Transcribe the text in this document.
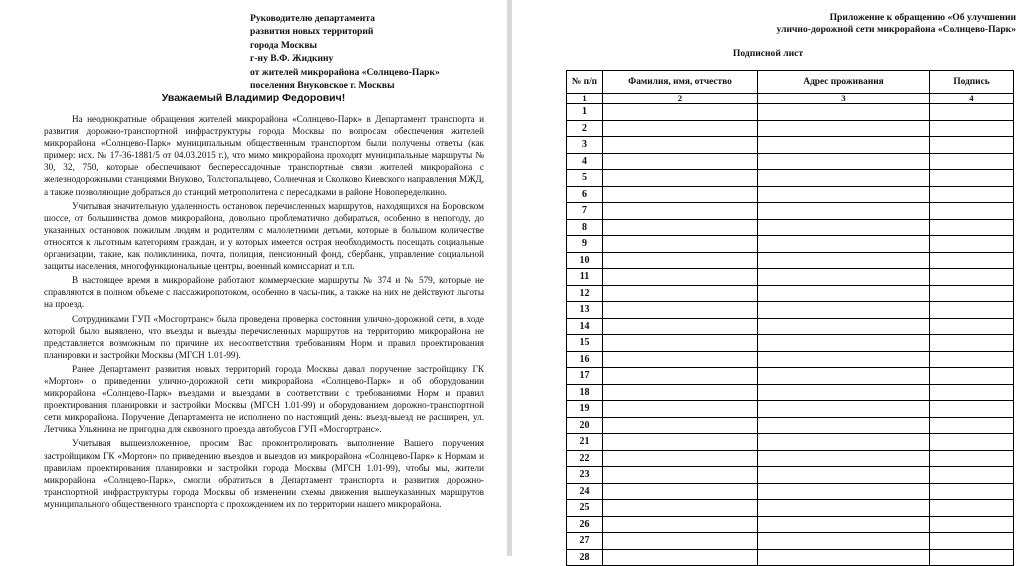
Руководителю департамента
развития новых территорий
города Москвы
г-ну В.Ф. Жидкину
от жителей микрорайона «Солнцево-Парк»
поселения Внуковское г. Москвы
Уважаемый Владимир Федорович!

На неоднократные обращения жителей микрорайона «Солнцево-Парк» в Департамент транспорта и развития дорожно-транспортной инфраструктуры города Москвы по вопросам обеспечения жителей микрорайона «Солнцево-Парк» муниципальным общественным транспортом были получены ответы (как пример: исх. № 17-36-1881/5 от 04.03.2015 г.), что мимо микрорайона проходят муниципальные маршруты № 30, 32, 750, которые обеспечивают бесперессадочные транспортные связи жителей микрорайона с железнодорожными станциями Внуково, Толстопальцево, Солнечная и Сколково Киевского направления МЖД, а также позволяющие добраться до станций метрополитена с пересадками в районе Новопеределкино.

Учитывая значительную удаленность остановок перечисленных маршрутов, находящихся на Боровском шоссе, от большинства домов микрорайона, довольно проблематично добираться, особенно в непогоду, до указанных остановок пожилым людям и родителям с малолетними детьми, которые в большом количестве относятся к льготным категориям граждан, и у которых имеется острая необходимость посещать социальные организации, такие, как поликлиника, почта, полиция, пенсионный фонд, сбербанк, управление социальной защиты населения, многофункциональные центры, военный комиссариат и т.п.

В настоящее время в микрорайоне работают коммерческие маршруты № 374 и № 579, которые не справляются в полном объеме с пассажиропотоком, особенно в часы-пик, а также на них не действуют льготы на проезд.

Сотрудниками ГУП «Мосгортранс» была проведена проверка состояния улично-дорожной сети, в ходе которой было выявлено, что въезды и выезды перечисленных маршрутов на территорию микрорайона не представляется возможным по причине их несоответствия требованиям Норм и правил проектирования планировки и застройки Москвы (МГСН 1.01-99).

Ранее Департамент развития новых территорий города Москвы давал поручение застройщику ГК «Мортон» о приведении улично-дорожной сети микрорайона «Солнцево-Парк» и об оборудовании микрорайона «Солнцево-Парк» въездами и выездами в соответствии с требованиями Норм и правил проектирования планировки и застройки Москвы (МГСН 1.01-99) и оборудованием дорожно-транспортной сети микрорайона. Поручение Департамента не исполнено по настоящий день: въезд-выезд не расширен, ул. Летчика Ульянина не пригодна для сквозного проезда автобусов ГУП «Мосгортранс».

Учитывая вышеизложенное, просим Вас проконтролировать выполнение Вашего поручения застройщиком ГК «Мортон» по приведению въездов и выездов из микрорайона «Солнцево-Парк» к Нормам и правилам проектирования планировки и застройки города Москвы (МГСН 1.01-99), чтобы мы, жители микрорайона «Солнцево-Парк», смогли обратиться в Департамент транспорта и развития дорожно-транспортной инфраструктуры города Москвы об изменении схемы движения вышеуказанных маршрутов муниципального общественного транспорта с прохождением их по территории нашего микрорайона.

Приложение к обращению «Об улучшении
улично-дорожной сети микрорайона «Солнцево-Парк»
Подписной лист
№ п/п	Фамилия, имя, отчество	Адрес проживания	Подпись
1	2	3	4
1			
2			
3			
4			
5			
6			
7			
8			
9			
10			
11			
12			
13			
14			
15			
16			
17			
18			
19			
20			
21			
22			
23			
24			
25			
26			
27			
28			
